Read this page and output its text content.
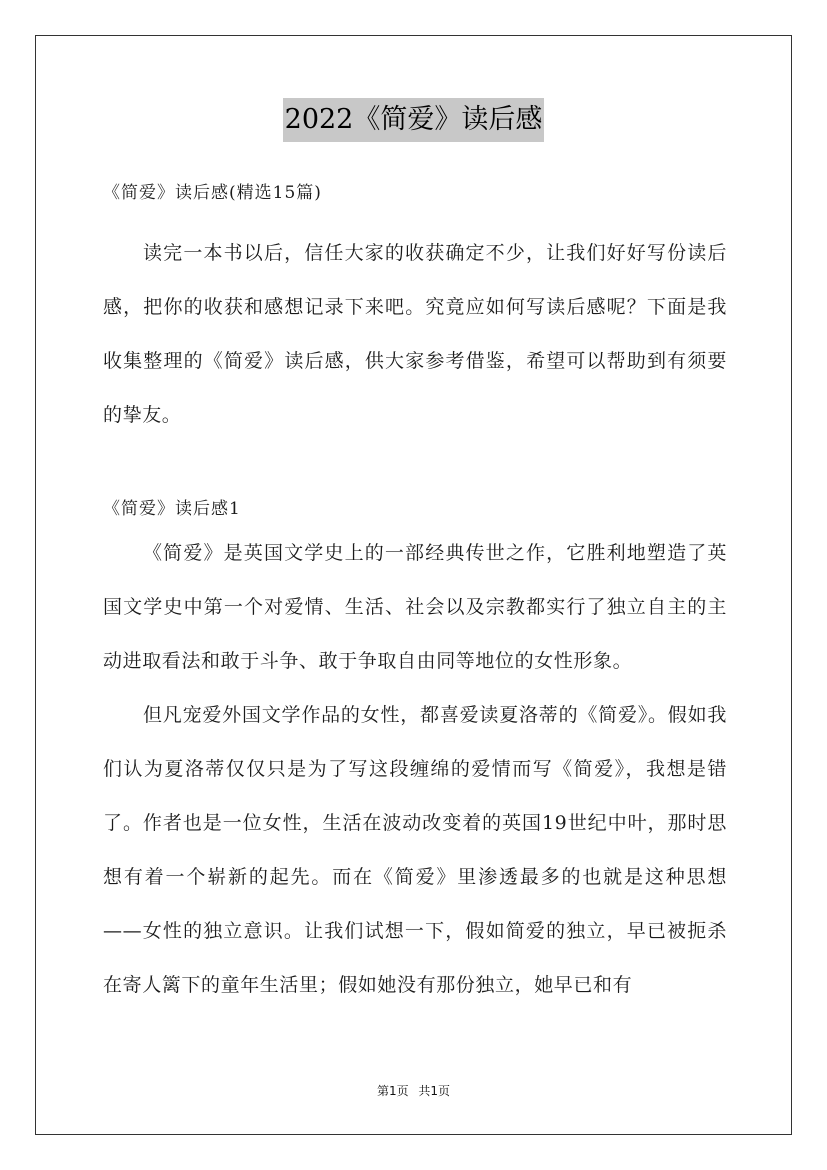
2022《简爱》读后感

《简爱》读后感(精选15篇)

读完一本书以后，信任大家的收获确定不少，让我们好好写份读后感，把你的收获和感想记录下来吧。究竟应如何写读后感呢？下面是我收集整理的《简爱》读后感，供大家参考借鉴，希望可以帮助到有须要的挚友。

《简爱》读后感1

《简爱》是英国文学史上的一部经典传世之作，它胜利地塑造了英国文学史中第一个对爱情、生活、社会以及宗教都实行了独立自主的主动进取看法和敢于斗争、敢于争取自由同等地位的女性形象。

但凡宠爱外国文学作品的女性，都喜爱读夏洛蒂的《简爱》。假如我们认为夏洛蒂仅仅只是为了写这段缠绵的爱情而写《简爱》，我想是错了。作者也是一位女性，生活在波动改变着的英国19世纪中叶，那时思想有着一个崭新的起先。而在《简爱》里渗透最多的也就是这种思想——女性的独立意识。让我们试想一下，假如简爱的独立，早已被扼杀在寄人篱下的童年生活里；假如她没有那份独立，她早已和有

第1页 共1页
